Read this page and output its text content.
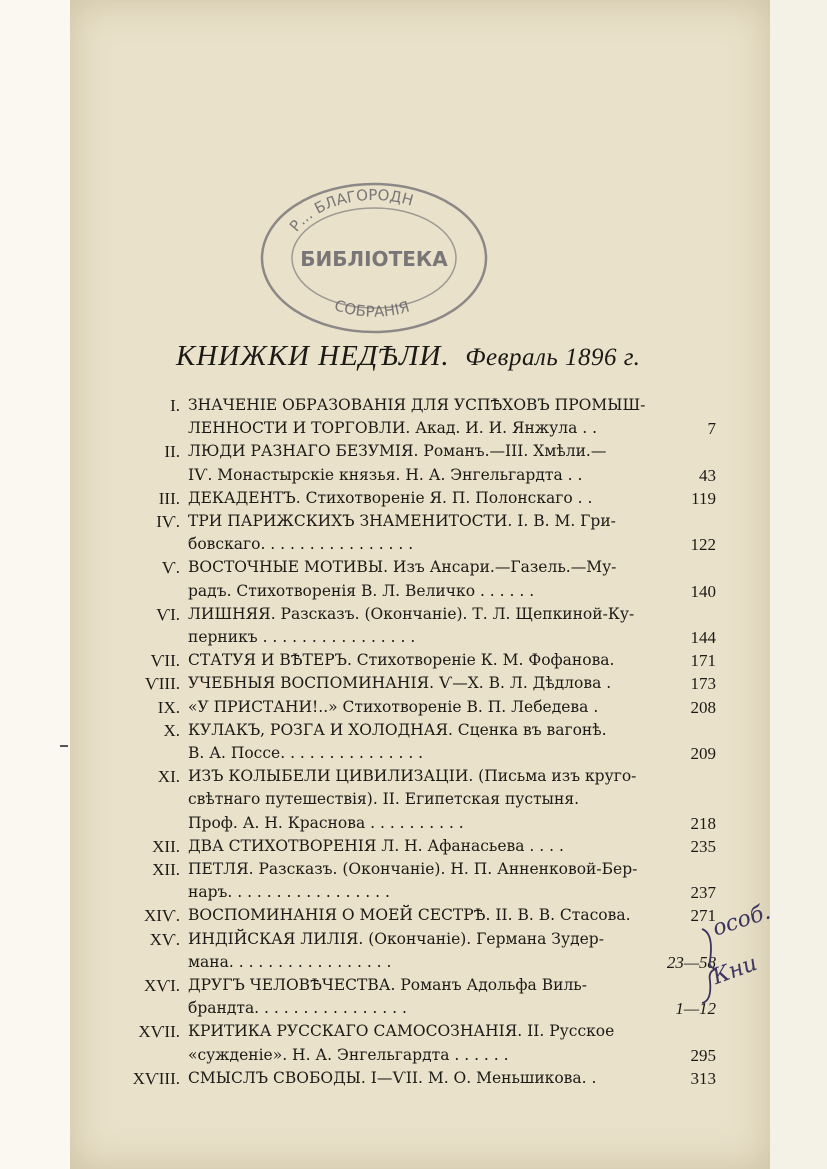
Р... БЛАГОРОДН
БИБЛІОТЕКА
СОБРАНІЯ
КНИЖКИ НЕДѢЛИ. Февраль 1896 г.
I. ЗНАЧЕНІЕ ОБРАЗОВАНІЯ ДЛЯ УСПѢХОВЪ ПРОМЫШ-
ЛЕННОСТИ И ТОРГОВЛИ. Акад. И. И. Янжула . .	7
II. ЛЮДИ РАЗНАГО БЕЗУМІЯ. Романъ.—III. Хмѣли.—
IѴ. Монастырскіе князья. Н. А. Энгельгардта . .	43
III. ДЕКАДЕНТЪ. Стихотвореніе Я. П. Полонскаго . .	119
IѴ. ТРИ ПАРИЖСКИХЪ ЗНАМЕНИТОСТИ. I. В. М. Гри-
бовскаго. . . . . . . . . . . . . . . .	122
Ѵ. ВОСТОЧНЫЕ МОТИВЫ. Изъ Ансари.—Газель.—Му-
радъ. Стихотворенія В. Л. Величко . . . . . .	140
ѴI. ЛИШНЯЯ. Разсказъ. (Окончаніе). Т. Л. Щепкиной-Ку-
перникъ . . . . . . . . . . . . . . . .	144
ѴII. СТАТУЯ И ВѢТЕРЪ. Стихотвореніе К. М. Фофанова.	171
ѴIII. УЧЕБНЫЯ ВОСПОМИНАНІЯ. Ѵ—X. В. Л. Дѣдлова .	173
IX. «У ПРИСТАНИ!..» Стихотвореніе В. П. Лебедева .	208
X. КУЛАКЪ, РОЗГА И ХОЛОДНАЯ. Сценка въ вагонѣ.
В. А. Поссе. . . . . . . . . . . . . . .	209
XI. ИЗЪ КОЛЫБЕЛИ ЦИВИЛИЗАЦІИ. (Письма изъ круго-
свѣтнаго путешествія). II. Египетская пустыня.
Проф. А. Н. Краснова . . . . . . . . . .	218
XII. ДВА СТИХОТВОРЕНІЯ Л. Н. Афанасьева . . . .	235
XII. ПЕТЛЯ. Разсказъ. (Окончаніе). Н. П. Анненковой-Бер-
наръ. . . . . . . . . . . . . . . . .	237
XIѴ. ВОСПОМИНАНІЯ О МОЕЙ СЕСТРѢ. II. В. В. Стасова.	271
XѴ. ИНДІЙСКАЯ ЛИЛІЯ. (Окончаніе). Германа Зудер-
мана. . . . . . . . . . . . . . . . .	23—58
XѴI. ДРУГЪ ЧЕЛОВѢЧЕСТВА. Романъ Адольфа Виль-
брандта. . . . . . . . . . . . . . . .	1—12
XѴII. КРИТИКА РУССКАГО САМОСОЗНАНІЯ. II. Русское
«сужденіе». Н. А. Энгельгардта . . . . . .	295
XѴIII. СМЫСЛЪ СВОБОДЫ. I—ѴII. М. О. Меньшикова. .	313
особ.
Кни
